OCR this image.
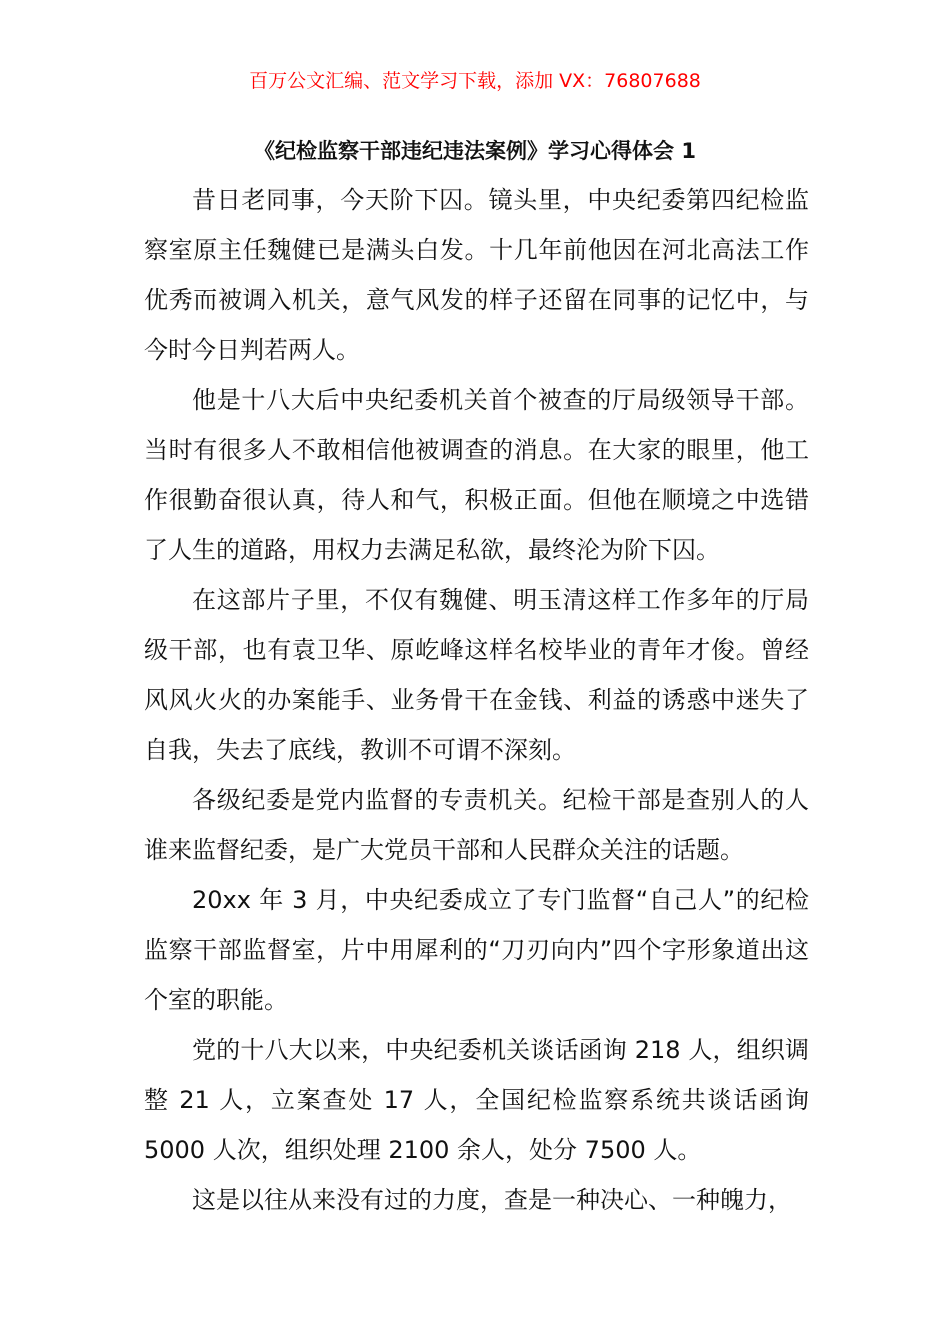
百万公文汇编、范文学习下载，添加 VX：76807688
《纪检监察干部违纪违法案例》学习心得体会 1

昔日老同事，今天阶下囚。镜头里，中央纪委第四纪检监察室原主任魏健已是满头白发。十几年前他因在河北高法工作优秀而被调入机关，意气风发的样子还留在同事的记忆中，与今时今日判若两人。

他是十八大后中央纪委机关首个被查的厅局级领导干部。当时有很多人不敢相信他被调查的消息。在大家的眼里，他工作很勤奋很认真，待人和气，积极正面。但他在顺境之中选错了人生的道路，用权力去满足私欲，最终沦为阶下囚。

在这部片子里，不仅有魏健、明玉清这样工作多年的厅局级干部，也有袁卫华、原屹峰这样名校毕业的青年才俊。曾经风风火火的办案能手、业务骨干在金钱、利益的诱惑中迷失了自我，失去了底线，教训不可谓不深刻。

各级纪委是党内监督的专责机关。纪检干部是查别人的人谁来监督纪委，是广大党员干部和人民群众关注的话题。

20xx 年 3 月，中央纪委成立了专门监督“自己人”的纪检监察干部监督室，片中用犀利的“刀刃向内”四个字形象道出这个室的职能。

党的十八大以来，中央纪委机关谈话函询 218 人，组织调整 21 人，立案查处 17 人，全国纪检监察系统共谈话函询 5000 人次，组织处理 2100 余人，处分 7500 人。

这是以往从来没有过的力度，查是一种决心、一种魄力，
